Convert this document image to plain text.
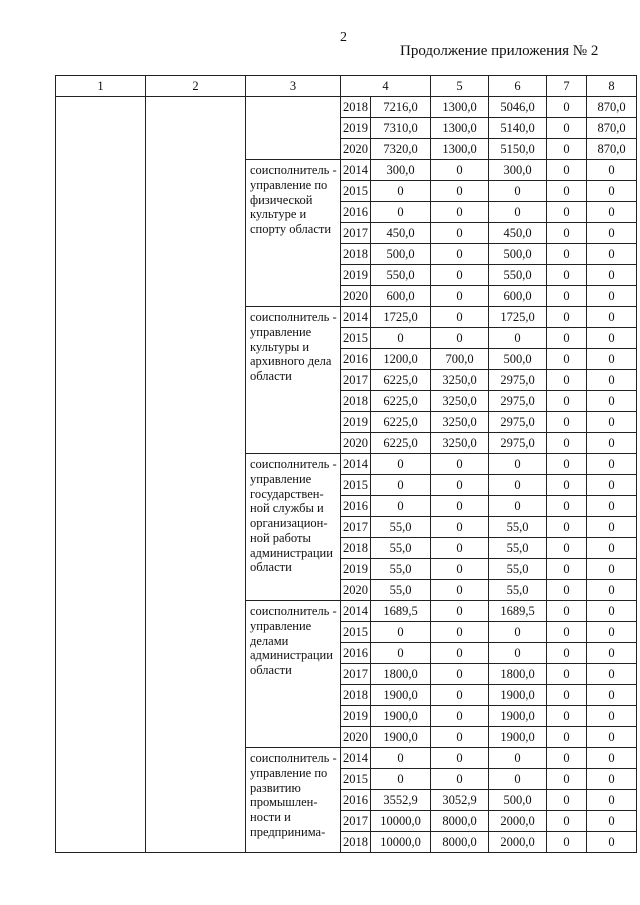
2
Продолжение приложения № 2
1	2	3	4		5	6	7	8
			2018	7216,0	1300,0	5046,0	0	870,0
			2019	7310,0	1300,0	5140,0	0	870,0
			2020	7320,0	1300,0	5150,0	0	870,0
		соисполнитель - управление по физической культуре и спорту области	2014	300,0	0	300,0	0	0
			2015	0	0	0	0	0
			2016	0	0	0	0	0
			2017	450,0	0	450,0	0	0
			2018	500,0	0	500,0	0	0
			2019	550,0	0	550,0	0	0
			2020	600,0	0	600,0	0	0
		соисполнитель - управление культуры и архивного дела области	2014	1725,0	0	1725,0	0	0
			2015	0	0	0	0	0
			2016	1200,0	700,0	500,0	0	0
			2017	6225,0	3250,0	2975,0	0	0
			2018	6225,0	3250,0	2975,0	0	0
			2019	6225,0	3250,0	2975,0	0	0
			2020	6225,0	3250,0	2975,0	0	0
		соисполнитель - управление государствен-ной службы и организацион-ной работы администрации области	2014	0	0	0	0	0
			2015	0	0	0	0	0
			2016	0	0	0	0	0
			2017	55,0	0	55,0	0	0
			2018	55,0	0	55,0	0	0
			2019	55,0	0	55,0	0	0
			2020	55,0	0	55,0	0	0
		соисполнитель - управление делами администрации области	2014	1689,5	0	1689,5	0	0
			2015	0	0	0	0	0
			2016	0	0	0	0	0
			2017	1800,0	0	1800,0	0	0
			2018	1900,0	0	1900,0	0	0
			2019	1900,0	0	1900,0	0	0
			2020	1900,0	0	1900,0	0	0
		соисполнитель - управление по развитию промышлен-ности и предпринима-	2014	0	0	0	0	0
			2015	0	0	0	0	0
			2016	3552,9	3052,9	500,0	0	0
			2017	10000,0	8000,0	2000,0	0	0
			2018	10000,0	8000,0	2000,0	0	0
